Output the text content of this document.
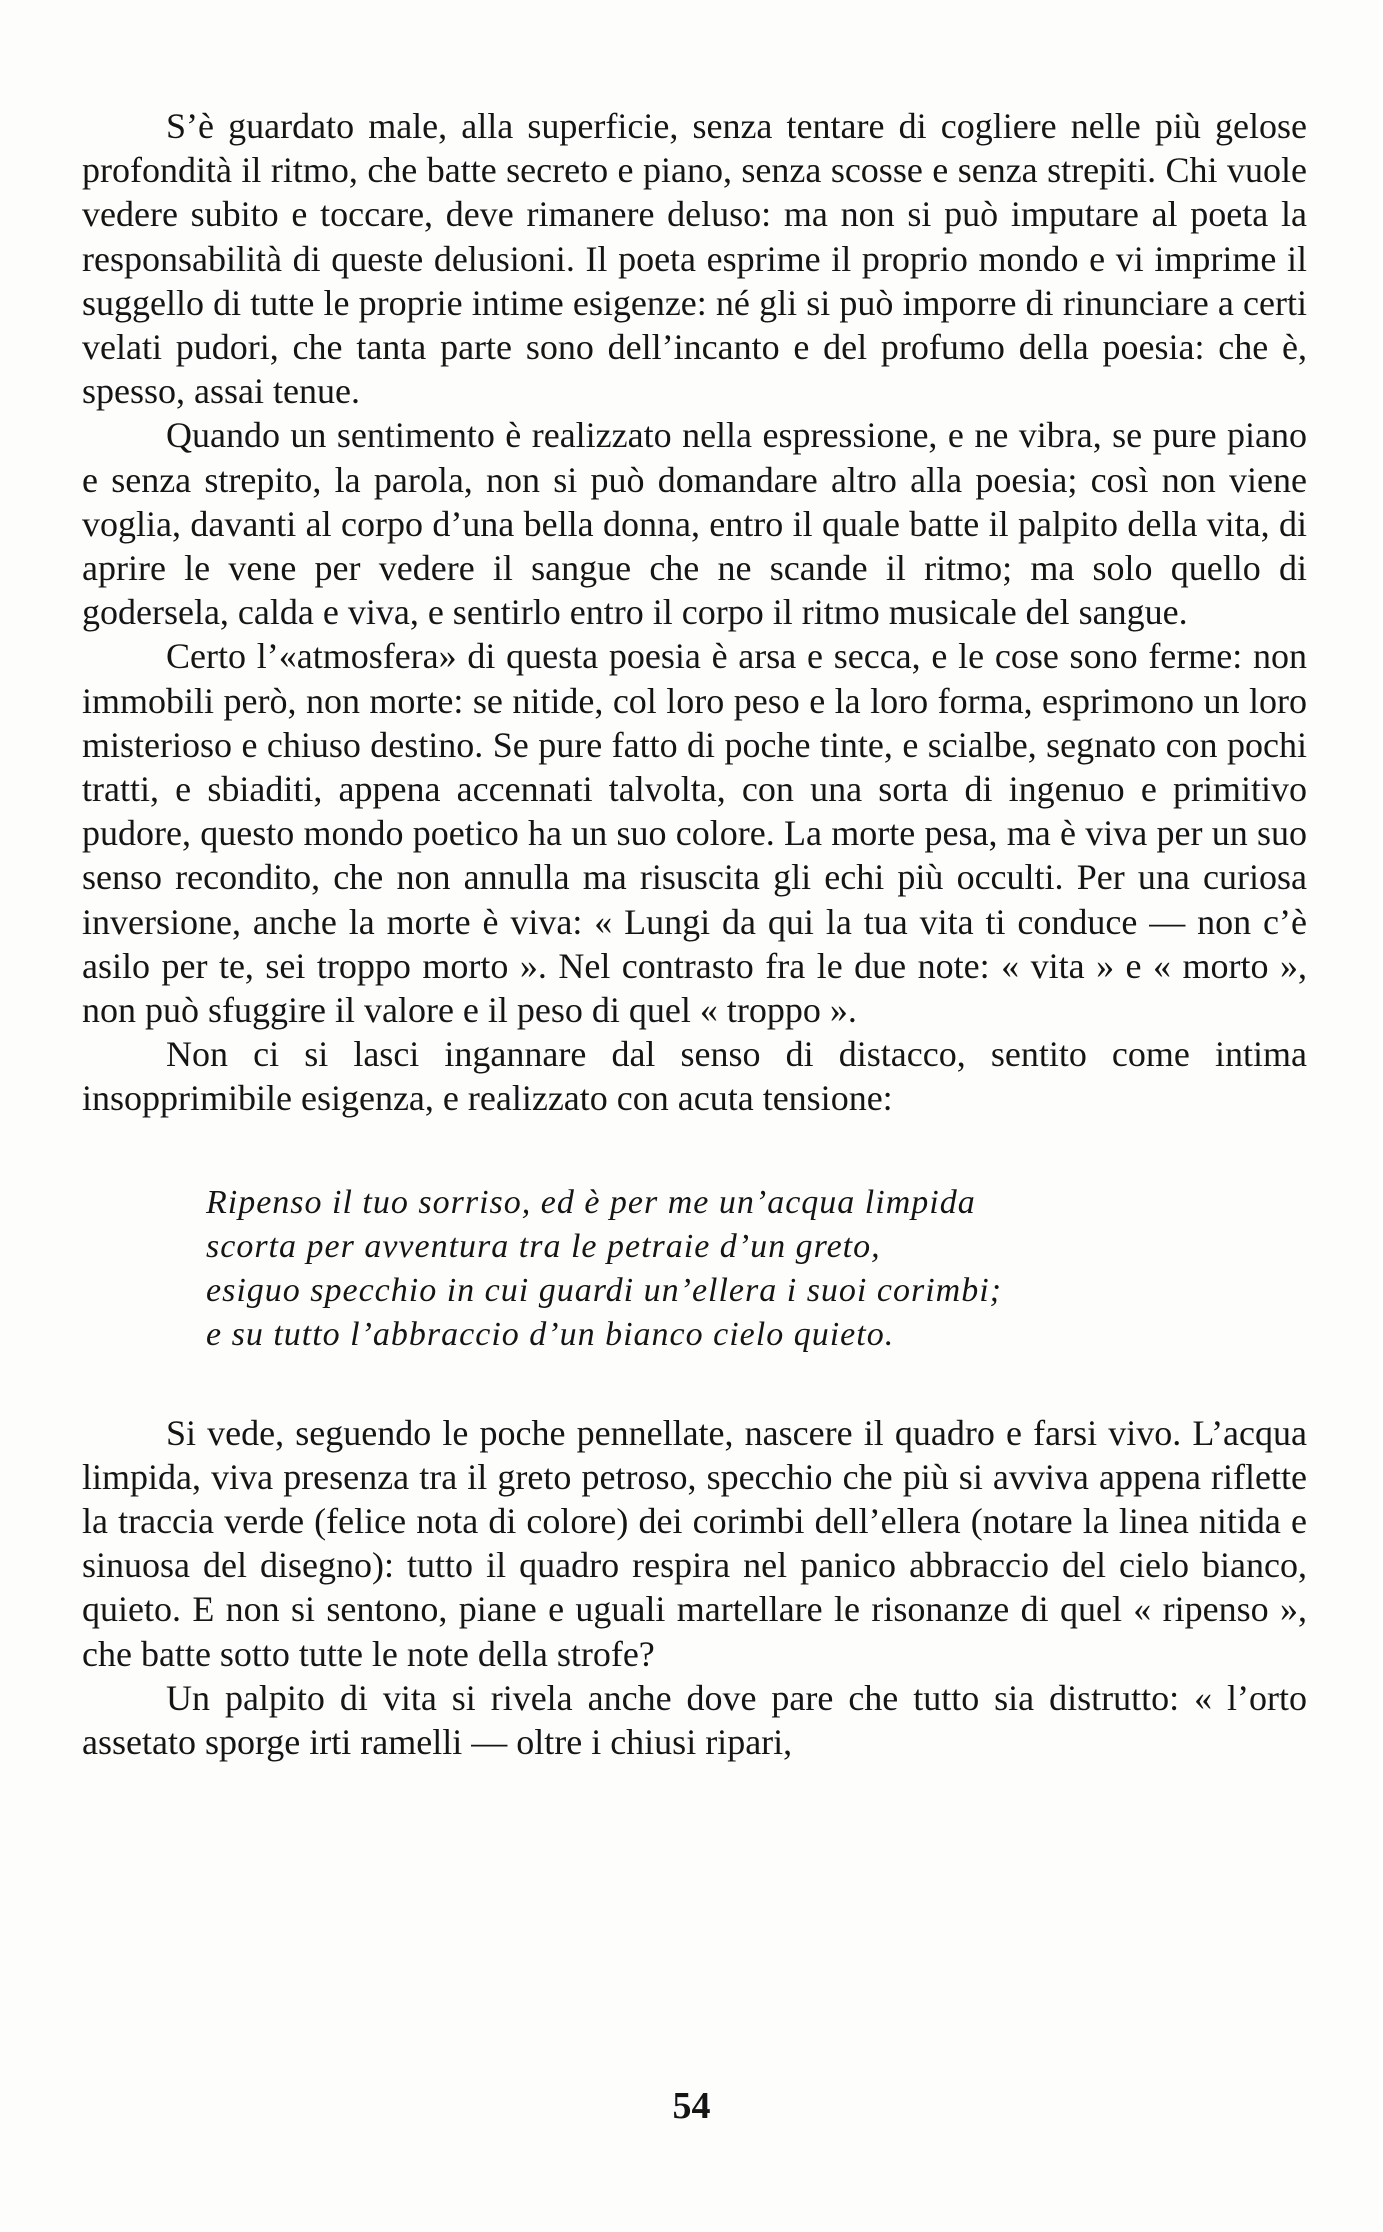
S’è guardato male, alla superficie, senza tentare di cogliere nelle più gelose profondità il ritmo, che batte secreto e piano, senza scosse e senza strepiti. Chi vuole vedere subito e toccare, deve rimanere deluso: ma non si può imputare al poeta la responsabilità di queste delusioni. Il poeta esprime il proprio mondo e vi imprime il suggello di tutte le proprie intime esigenze: né gli si può imporre di rinunciare a certi velati pudori, che tanta parte sono dell’incanto e del profumo della poesia: che è, spesso, assai tenue.

Quando un sentimento è realizzato nella espressione, e ne vibra, se pure piano e senza strepito, la parola, non si può domandare altro alla poesia; così non viene voglia, davanti al corpo d’una bella donna, entro il quale batte il palpito della vita, di aprire le vene per vedere il sangue che ne scande il ritmo; ma solo quello di godersela, calda e viva, e sentirlo entro il corpo il ritmo musicale del sangue.

Certo l’«atmosfera» di questa poesia è arsa e secca, e le cose sono ferme: non immobili però, non morte: se nitide, col loro peso e la loro forma, esprimono un loro misterioso e chiuso destino. Se pure fatto di poche tinte, e scialbe, segnato con pochi tratti, e sbiaditi, appena accennati talvolta, con una sorta di ingenuo e primitivo pudore, questo mondo poetico ha un suo colore. La morte pesa, ma è viva per un suo senso recondito, che non annulla ma risuscita gli echi più occulti. Per una curiosa inversione, anche la morte è viva: « Lungi da qui la tua vita ti conduce — non c’è asilo per te, sei troppo morto ». Nel contrasto fra le due note: « vita » e « morto », non può sfuggire il valore e il peso di quel « troppo ».

Non ci si lasci ingannare dal senso di distacco, sentito come intima insopprimibile esigenza, e realizzato con acuta tensione:

Ripenso il tuo sorriso, ed è per me un’acqua limpida
scorta per avventura tra le petraie d’un greto,
esiguo specchio in cui guardi un’ellera i suoi corimbi;
e su tutto l’abbraccio d’un bianco cielo quieto.

Si vede, seguendo le poche pennellate, nascere il quadro e farsi vivo. L’acqua limpida, viva presenza tra il greto petroso, specchio che più si avviva appena riflette la traccia verde (felice nota di colore) dei corimbi dell’ellera (notare la linea nitida e sinuosa del disegno): tutto il quadro respira nel panico abbraccio del cielo bianco, quieto. E non si sentono, piane e uguali martellare le risonanze di quel « ripenso », che batte sotto tutte le note della strofe?

Un palpito di vita si rivela anche dove pare che tutto sia distrutto: « l’orto assetato sporge irti ramelli — oltre i chiusi ripari,

54
